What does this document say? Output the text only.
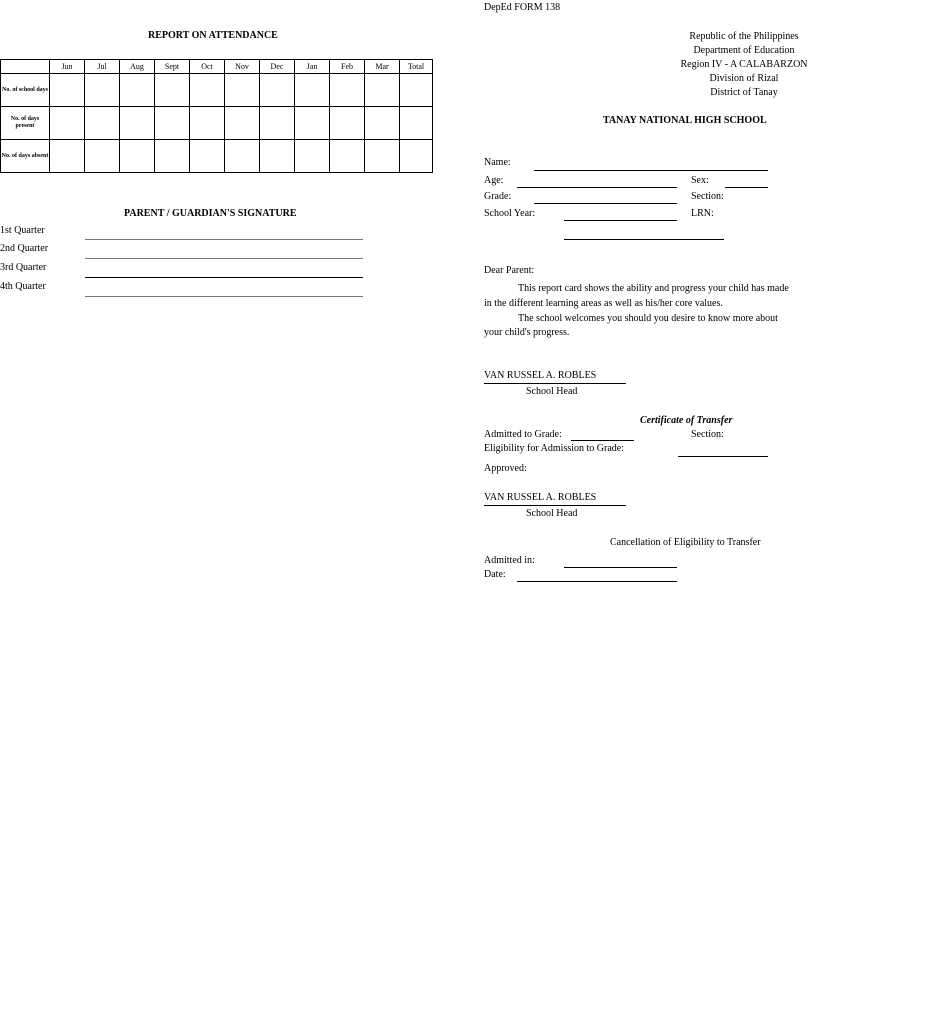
REPORT ON ATTENDANCE
	Jun	Jul	Aug	Sept	Oct	Nov	Dec	Jan	Feb	Mar	Total
No. of school days											
No. of days present											
No. of days absent											
PARENT / GUARDIAN'S SIGNATURE
1st Quarter
2nd Quarter
3rd Quarter
4th Quarter
DepEd FORM 138
Republic of the Philippines
Department of Education
Region IV - A CALABARZON
Division of Rizal
District of Tanay
TANAY NATIONAL HIGH SCHOOL
Name:
Age:	Sex:
Grade:	Section:
School Year:	LRN:
Dear Parent:
This report card shows the ability and progress your child has made
in the different learning areas as well as his/her core values.
The school welcomes you should you desire to know more about
your child's progress.
VAN RUSSEL A. ROBLES
School Head
Certificate of Transfer
Admitted to Grade:	Section:
Eligibility for Admission to Grade:
Approved:
VAN RUSSEL A. ROBLES
School Head
Cancellation of Eligibility to Transfer
Admitted in:
Date:
